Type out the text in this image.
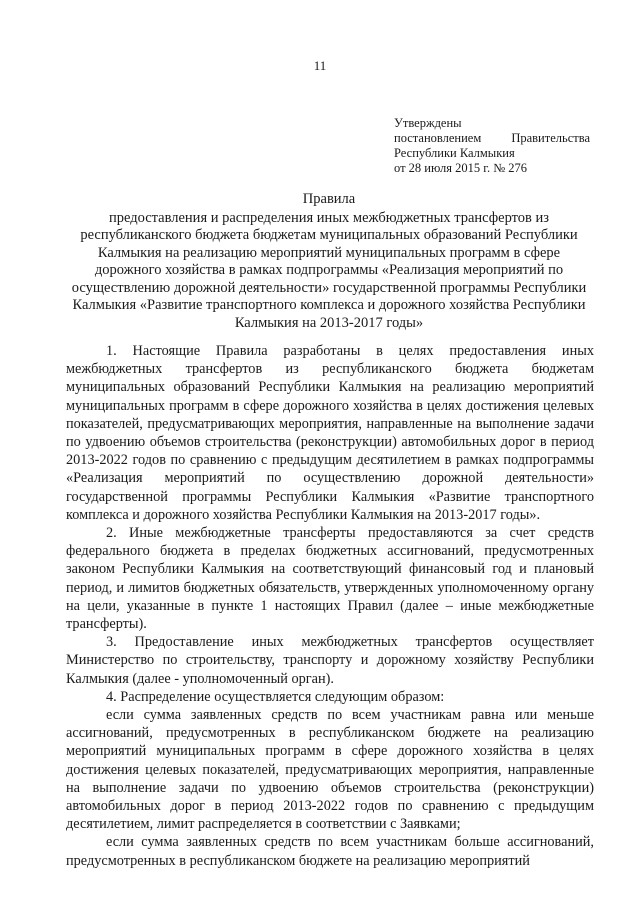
11
Утверждены
постановлением Правительства
Республики Калмыкия
от 28 июля 2015 г. № 276
Правила
предоставления и распределения иных межбюджетных трансфертов из республиканского бюджета бюджетам муниципальных образований Республики Калмыкия на реализацию мероприятий муниципальных программ в сфере дорожного хозяйства в рамках подпрограммы «Реализация мероприятий по осуществлению дорожной деятельности» государственной программы Республики Калмыкия «Развитие транспортного комплекса и дорожного хозяйства Республики Калмыкия на 2013-2017 годы»

1. Настоящие Правила разработаны в целях предоставления иных межбюджетных трансфертов из республиканского бюджета бюджетам муниципальных образований Республики Калмыкия на реализацию мероприятий муниципальных программ в сфере дорожного хозяйства в целях достижения целевых показателей, предусматривающих мероприятия, направленные на выполнение задачи по удвоению объемов строительства (реконструкции) автомобильных дорог в период 2013-2022 годов по сравнению с предыдущим десятилетием в рамках подпрограммы «Реализация мероприятий по осуществлению дорожной деятельности» государственной программы Республики Калмыкия «Развитие транспортного комплекса и дорожного хозяйства Республики Калмыкия на 2013-2017 годы».

2. Иные межбюджетные трансферты предоставляются за счет средств федерального бюджета в пределах бюджетных ассигнований, предусмотренных законом Республики Калмыкия на соответствующий финансовый год и плановый период, и лимитов бюджетных обязательств, утвержденных уполномоченному органу на цели, указанные в пункте 1 настоящих Правил (далее – иные межбюджетные трансферты).

3. Предоставление иных межбюджетных трансфертов осуществляет Министерство по строительству, транспорту и дорожному хозяйству Республики Калмыкия (далее - уполномоченный орган).

4. Распределение осуществляется следующим образом:

если сумма заявленных средств по всем участникам равна или меньше ассигнований, предусмотренных в республиканском бюджете на реализацию мероприятий муниципальных программ в сфере дорожного хозяйства в целях достижения целевых показателей, предусматривающих мероприятия, направленные на выполнение задачи по удвоению объемов строительства (реконструкции) автомобильных дорог в период 2013-2022 годов по сравнению с предыдущим десятилетием, лимит распределяется в соответствии с Заявками;

если сумма заявленных средств по всем участникам больше ассигнований, предусмотренных в республиканском бюджете на реализацию мероприятий
